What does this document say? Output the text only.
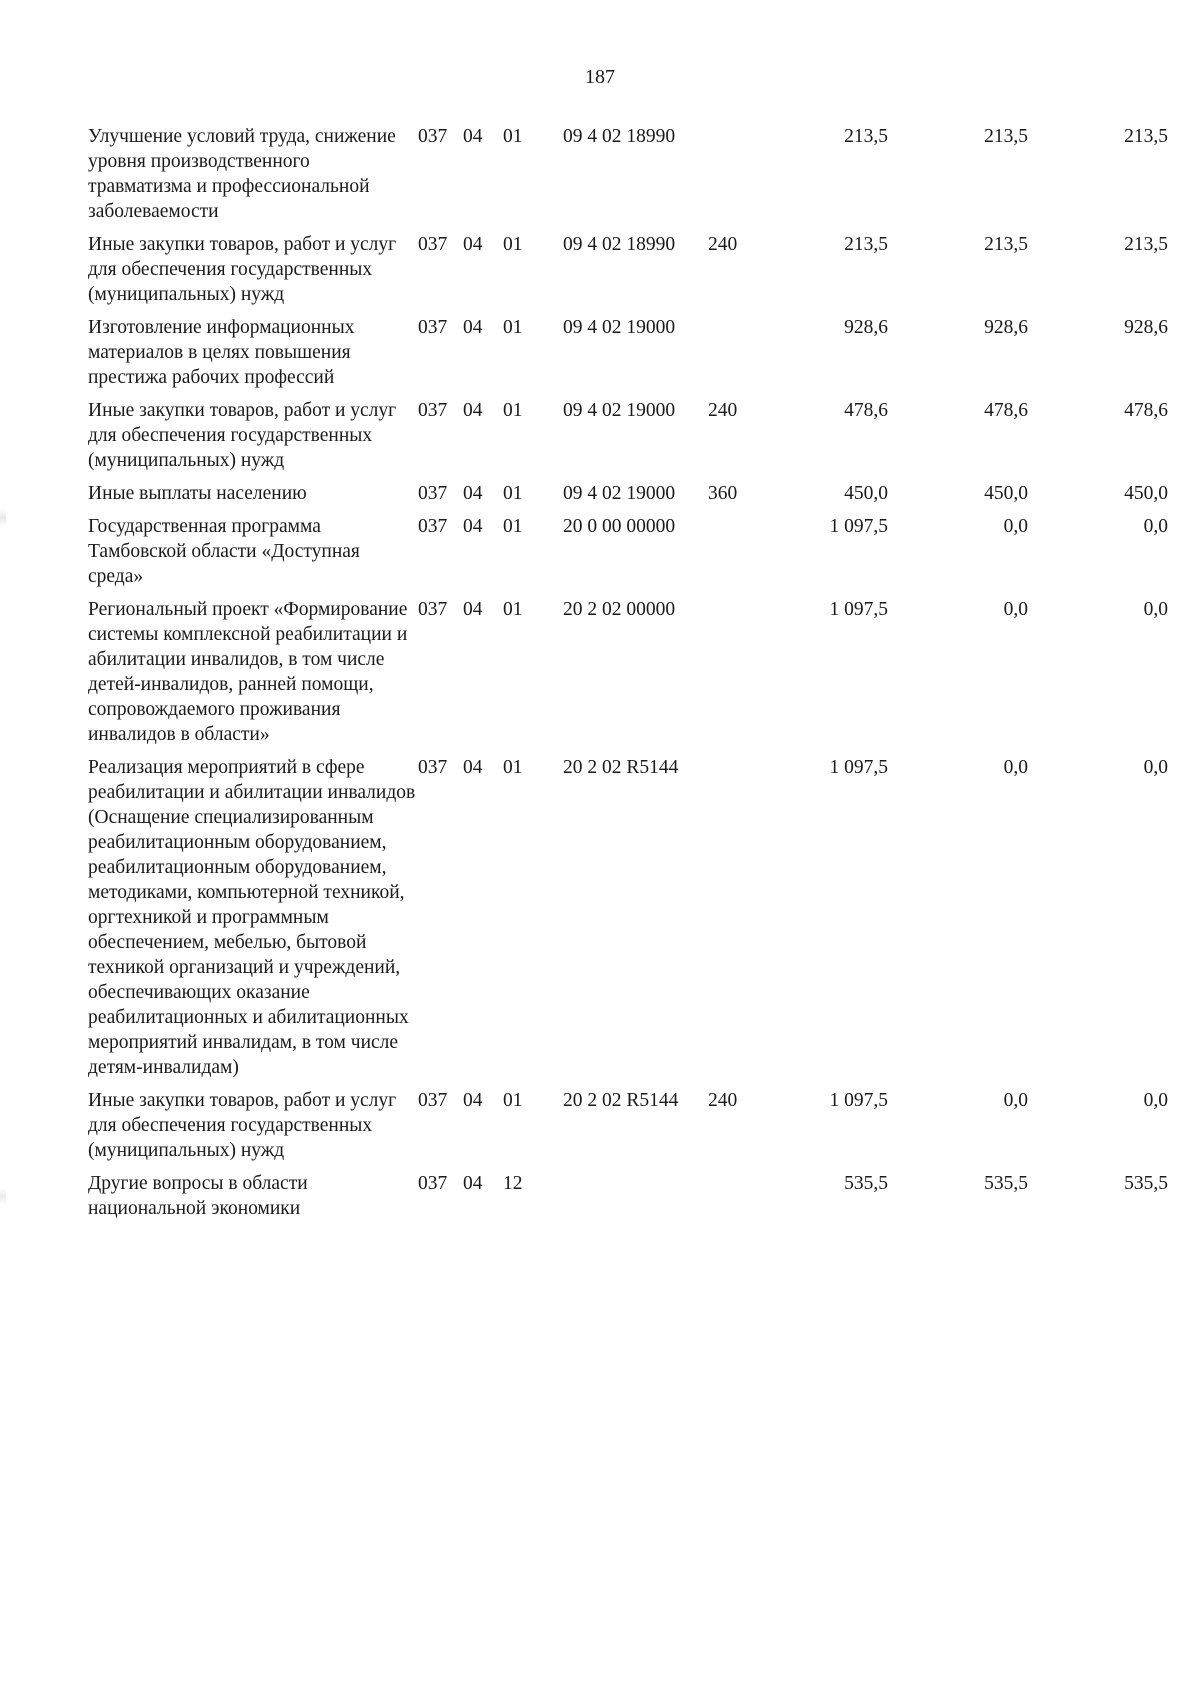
187
Улучшение условий труда, снижение уровня производственного травматизма и профессиональной заболеваемости	037	04	01	09 4 02 18990		213,5	213,5	213,5
Иные закупки товаров, работ и услуг для обеспечения государственных (муниципальных) нужд	037	04	01	09 4 02 18990	240	213,5	213,5	213,5
Изготовление информационных материалов в целях повышения престижа рабочих профессий	037	04	01	09 4 02 19000		928,6	928,6	928,6
Иные закупки товаров, работ и услуг для обеспечения государственных (муниципальных) нужд	037	04	01	09 4 02 19000	240	478,6	478,6	478,6
Иные выплаты населению	037	04	01	09 4 02 19000	360	450,0	450,0	450,0
Государственная программа Тамбовской области «Доступная среда»	037	04	01	20 0 00 00000		1 097,5	0,0	0,0
Региональный проект «Формирование системы комплексной реабилитации и абилитации инвалидов, в том числе детей-инвалидов, ранней помощи, сопровождаемого проживания инвалидов в области»	037	04	01	20 2 02 00000		1 097,5	0,0	0,0
Реализация мероприятий в сфере реабилитации и абилитации инвалидов (Оснащение специализированным реабилитационным оборудованием, реабилитационным оборудованием, методиками, компьютерной техникой, оргтехникой и программным обеспечением, мебелью, бытовой техникой организаций и учреждений, обеспечивающих оказание реабилитационных и абилитационных мероприятий инвалидам, в том числе детям-инвалидам)	037	04	01	20 2 02 R5144		1 097,5	0,0	0,0
Иные закупки товаров, работ и услуг для обеспечения государственных (муниципальных) нужд	037	04	01	20 2 02 R5144	240	1 097,5	0,0	0,0
Другие вопросы в области национальной экономики	037	04	12			535,5	535,5	535,5
